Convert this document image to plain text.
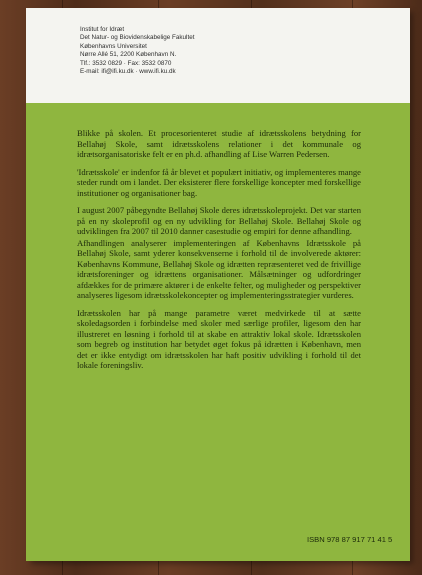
Institut for Idræt
Det Natur- og Biovidenskabelige Fakultet
Københavns Universitet
Nørre Allé 51, 2200 København N.
Tlf.: 3532 0829 · Fax: 3532 0870
E-mail: ifi@ifi.ku.dk · www.ifi.ku.dk

Blikke på skolen. Et procesorienteret studie af idrætsskolens betydning for Bellahøj Skole, samt idrætsskolens relationer i det kommunale og idrætsorganisatoriske felt er en ph.d. afhandling af Lise Warren Pedersen.

'Idrætsskole' er indenfor få år blevet et populært initiativ, og implementeres mange steder rundt om i landet. Der eksisterer flere forskellige koncepter med forskellige institutioner og organisationer bag.

I august 2007 påbegyndte Bellahøj Skole deres idrætsskoleprojekt. Det var starten på en ny skoleprofil og en ny udvikling for Bellahøj Skole. Bellahøj Skole og udviklingen fra 2007 til 2010 danner casestudie og empiri for denne afhandling.

Afhandlingen analyserer implementeringen af Københavns Idrætsskole på Bellahøj Skole, samt yderer konsekvenserne i forhold til de involverede aktører: Københavns Kommune, Bellahøj Skole og idrætten repræsenteret ved de frivillige idrætsforeninger og idrættens organisationer. Målsætninger og udfordringer afdækkes for de primære aktører i de enkelte felter, og muligheder og perspektiver analyseres ligesom idrætsskolekoncepter og implementeringsstrategier vurderes.

Idrætsskolen har på mange parametre været medvirkede til at sætte skoledagsorden i forbindelse med skoler med særlige profiler, ligesom den har illustreret en løsning i forhold til at skabe en attraktiv lokal skole. Idrætsskolen som begreb og institution har betydet øget fokus på idrætten i København, men det er ikke entydigt om idrætsskolen har haft positiv udvikling i forhold til det lokale foreningsliv.

ISBN 978 87 917 71 41 5
